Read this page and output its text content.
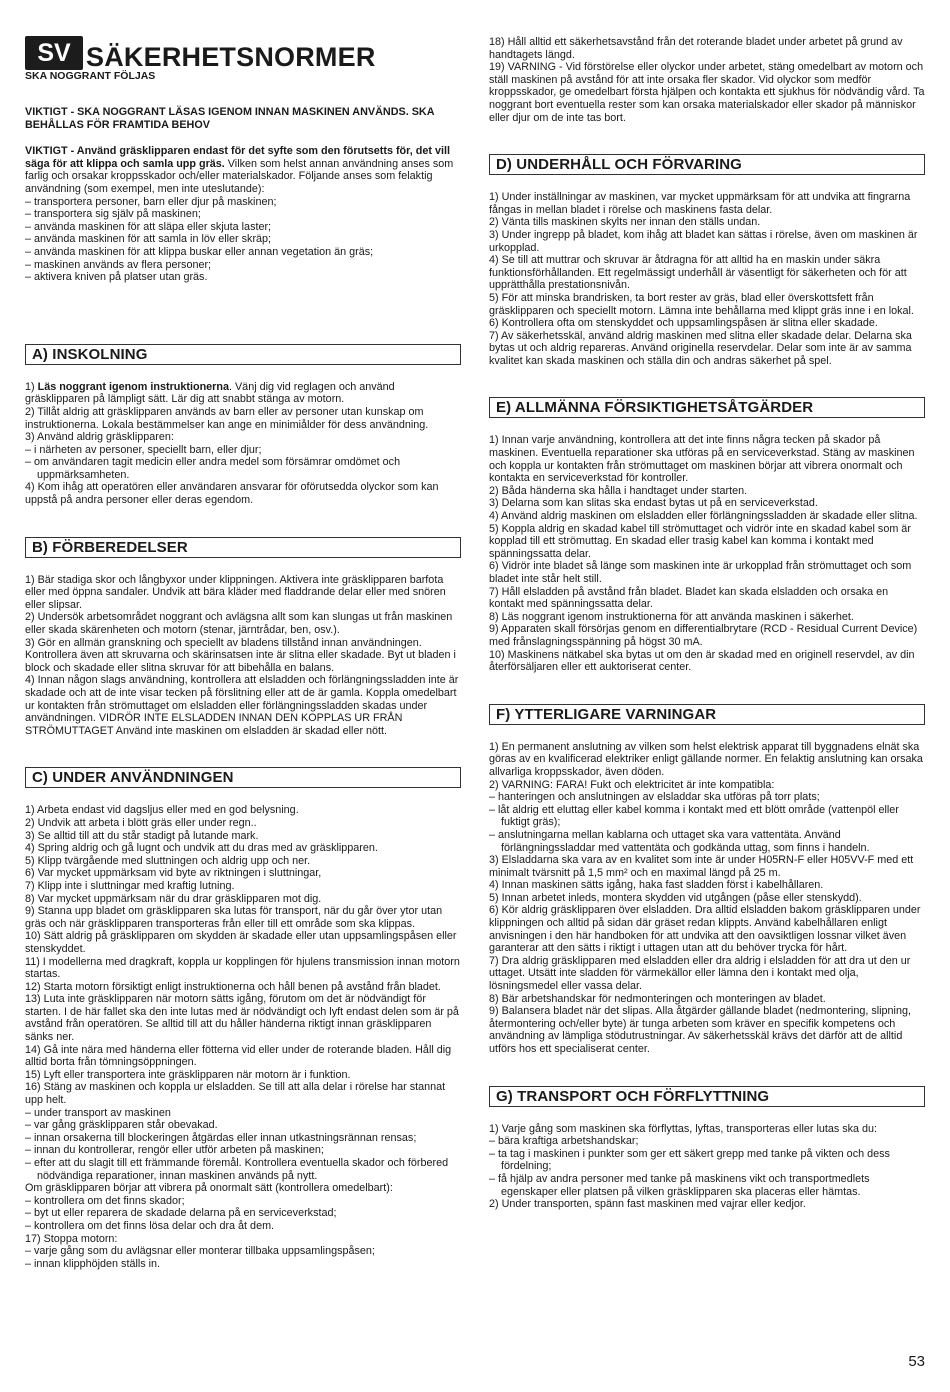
SV SÄKERHETSNORMER
SKA NOGGRANT FÖLJAS

VIKTIGT - SKA NOGGRANT LÄSAS IGENOM INNAN MASKINEN ANVÄNDS. SKA BEHÅLLAS FÖR FRAMTIDA BEHOV

VIKTIGT - Använd gräsklipparen endast för det syfte som den förutsetts för, det vill säga för att klippa och samla upp gräs. Vilken som helst annan användning anses som farlig och orsakar kroppsskador och/eller materialskador. Följande anses som felaktig användning (som exempel, men inte uteslutande):

– transportera personer, barn eller djur på maskinen;

– transportera sig själv på maskinen;

– använda maskinen för att släpa eller skjuta laster;

– använda maskinen för att samla in löv eller skräp;

– använda maskinen för att klippa buskar eller annan vegetation än gräs;

– maskinen används av flera personer;

– aktivera kniven på platser utan gräs.

A) INSKOLNING

1) Läs noggrant igenom instruktionerna. Vänj dig vid reglagen och använd gräsklipparen på lämpligt sätt. Lär dig att snabbt stänga av motorn.

2) Tillåt aldrig att gräsklipparen används av barn eller av personer utan kunskap om instruktionerna. Lokala bestämmelser kan ange en minimiålder för dess användning.

3) Använd aldrig gräsklipparen:

– i närheten av personer, speciellt barn, eller djur;

– om användaren tagit medicin eller andra medel som försämrar omdömet och uppmärksamheten.

4) Kom ihåg att operatören eller användaren ansvarar för oförutsedda olyckor som kan uppstå på andra personer eller deras egendom.

B) FÖRBEREDELSER

1) Bär stadiga skor och långbyxor under klippningen. Aktivera inte gräsklipparen barfota eller med öppna sandaler. Undvik att bära kläder med fladdrande delar eller med snören eller slipsar.

2) Undersök arbetsområdet noggrant och avlägsna allt som kan slungas ut från maskinen eller skada skärenheten och motorn (stenar, järntrådar, ben, osv.).

3) Gör en allmän granskning och speciellt av bladens tillstånd innan användningen. Kontrollera även att skruvarna och skärinsatsen inte är slitna eller skadade. Byt ut bladen i block och skadade eller slitna skruvar för att bibehålla en balans.

4) Innan någon slags användning, kontrollera att elsladden och förlängningssladden inte är skadade och att de inte visar tecken på förslitning eller att de är gamla. Koppla omedelbart ur kontakten från strömuttaget om elsladden eller förlängningssladden skadas under användningen. VIDRÖR INTE ELSLADDEN INNAN DEN KOPPLAS UR FRÅN STRÖMUTTAGET Använd inte maskinen om elsladden är skadad eller nött.

C) UNDER ANVÄNDNINGEN

1) Arbeta endast vid dagsljus eller med en god belysning.

2) Undvik att arbeta i blött gräs eller under regn..

3) Se alltid till att du står stadigt på lutande mark.

4) Spring aldrig och gå lugnt och undvik att du dras med av gräsklipparen.

5) Klipp tvärgående med sluttningen och aldrig upp och ner.

6) Var mycket uppmärksam vid byte av riktningen i sluttningar,

7) Klipp inte i sluttningar med kraftig lutning.

8) Var mycket uppmärksam när du drar gräsklipparen mot dig.

9) Stanna upp bladet om gräsklipparen ska lutas för transport, när du går över ytor utan gräs och när gräsklipparen transporteras från eller till ett område som ska klippas.

10) Sätt aldrig på gräsklipparen om skydden är skadade eller utan uppsamlingspåsen eller stenskyddet.

11) I modellerna med dragkraft, koppla ur kopplingen för hjulens transmission innan motorn startas.

12) Starta motorn försiktigt enligt instruktionerna och håll benen på avstånd från bladet.

13) Luta inte gräsklipparen när motorn sätts igång, förutom om det är nödvändigt för starten. I de här fallet ska den inte lutas med är nödvändigt och lyft endast delen som är på avstånd från operatören. Se alltid till att du håller händerna riktigt innan gräsklipparen sänks ner.

14) Gå inte nära med händerna eller fötterna vid eller under de roterande bladen. Håll dig alltid borta från tömningsöppningen.

15) Lyft eller transportera inte gräsklipparen när motorn är i funktion.

16) Stäng av maskinen och koppla ur elsladden. Se till att alla delar i rörelse har stannat upp helt.

– under transport av maskinen

– var gång gräsklipparen står obevakad.

– innan orsakerna till blockeringen åtgärdas eller innan utkastningsrännan rensas;

– innan du kontrollerar, rengör eller utför arbeten på maskinen;

– efter att du slagit till ett främmande föremål. Kontrollera eventuella skador och förbered nödvändiga reparationer, innan maskinen används på nytt.

Om gräsklipparen börjar att vibrera på onormalt sätt (kontrollera omedelbart):

– kontrollera om det finns skador;

– byt ut eller reparera de skadade delarna på en serviceverkstad;

– kontrollera om det finns lösa delar och dra åt dem.

17) Stoppa motorn:

– varje gång som du avlägsnar eller monterar tillbaka uppsamlingspåsen;

– innan klipphöjden ställs in.

18) Håll alltid ett säkerhetsavstånd från det roterande bladet under arbetet på grund av handtagets längd.

19) VARNING - Vid förstörelse eller olyckor under arbetet, stäng omedelbart av motorn och ställ maskinen på avstånd för att inte orsaka fler skador. Vid olyckor som medför kroppsskador, ge omedelbart första hjälpen och kontakta ett sjukhus för nödvändig vård. Ta noggrant bort eventuella rester som kan orsaka materialskador eller skador på människor eller djur om de inte tas bort.

D) UNDERHÅLL OCH FÖRVARING

1) Under inställningar av maskinen, var mycket uppmärksam för att undvika att fingrarna fångas in mellan bladet i rörelse och maskinens fasta delar.

2) Vänta tills maskinen skylts ner innan den ställs undan.

3) Under ingrepp på bladet, kom ihåg att bladet kan sättas i rörelse, även om maskinen är urkopplad.

4) Se till att muttrar och skruvar är åtdragna för att alltid ha en maskin under säkra funktionsförhållanden. Ett regelmässigt underhåll är väsentligt för säkerheten och för att upprätthålla prestationsnivån.

5) För att minska brandrisken, ta bort rester av gräs, blad eller överskottsfett från gräsklipparen och speciellt motorn. Lämna inte behållarna med klippt gräs inne i en lokal.

6) Kontrollera ofta om stenskyddet och uppsamlingspåsen är slitna eller skadade.

7) Av säkerhetsskäl, använd aldrig maskinen med slitna eller skadade delar. Delarna ska bytas ut och aldrig repareras. Använd originella reservdelar. Delar som inte är av samma kvalitet kan skada maskinen och ställa din och andras säkerhet på spel.

E) ALLMÄNNA FÖRSIKTIGHETSÅTGÄRDER

1) Innan varje användning, kontrollera att det inte finns några tecken på skador på maskinen. Eventuella reparationer ska utföras på en serviceverkstad. Stäng av maskinen och koppla ur kontakten från strömuttaget om maskinen börjar att vibrera onormalt och kontakta en serviceverkstad för kontroller.

2) Båda händerna ska hålla i handtaget under starten.

3) Delarna som kan slitas ska endast bytas ut på en serviceverkstad.

4) Använd aldrig maskinen om elsladden eller förlängningssladden är skadade eller slitna.

5) Koppla aldrig en skadad kabel till strömuttaget och vidrör inte en skadad kabel som är kopplad till ett strömuttag. En skadad eller trasig kabel kan komma i kontakt med spänningssatta delar.

6) Vidrör inte bladet så länge som maskinen inte är urkopplad från strömuttaget och som bladet inte står helt still.

7) Håll elsladden på avstånd från bladet. Bladet kan skada elsladden och orsaka en kontakt med spänningssatta delar.

8) Läs noggrant igenom instruktionerna för att använda maskinen i säkerhet.

9) Apparaten skall försörjas genom en differentialbrytare (RCD - Residual Current Device) med frånslagningsspänning på högst 30 mA.

10) Maskinens nätkabel ska bytas ut om den är skadad med en originell reservdel, av din återförsäljaren eller ett auktoriserat center.

F) YTTERLIGARE VARNINGAR

1) En permanent anslutning av vilken som helst elektrisk apparat till byggnadens elnät ska göras av en kvalificerad elektriker enligt gällande normer. En felaktig anslutning kan orsaka allvarliga kroppsskador, även döden.

2) VARNING: FARA! Fukt och elektricitet är inte kompatibla:

– hanteringen och anslutningen av elsladdar ska utföras på torr plats;

– låt aldrig ett eluttag eller kabel komma i kontakt med ett blött område (vattenpöl eller fuktigt gräs);

– anslutningarna mellan kablarna och uttaget ska vara vattentäta. Använd förlängningssladdar med vattentäta och godkända uttag, som finns i handeln.

3) Elsladdarna ska vara av en kvalitet som inte är under H05RN-F eller H05VV-F med ett minimalt tvärsnitt på 1,5 mm² och en maximal längd på 25 m.

4) Innan maskinen sätts igång, haka fast sladden först i kabelhållaren.

5) Innan arbetet inleds, montera skydden vid utgången (påse eller stenskydd).

6) Kör aldrig gräsklipparen över elsladden. Dra alltid elsladden bakom gräsklipparen under klippningen och alltid på sidan där gräset redan klippts. Använd kabelhållaren enligt anvisningen i den här handboken för att undvika att den oavsiktligen lossnar vilket även garanterar att den sätts i riktigt i uttagen utan att du behöver trycka för hårt.

7) Dra aldrig gräsklipparen med elsladden eller dra aldrig i elsladden för att dra ut den ur uttaget. Utsätt inte sladden för värmekällor eller lämna den i kontakt med olja, lösningsmedel eller vassa delar.

8) Bär arbetshandskar för nedmonteringen och monteringen av bladet.

9) Balansera bladet när det slipas. Alla åtgärder gällande bladet (nedmontering, slipning, återmontering och/eller byte) är tunga arbeten som kräver en specifik kompetens och användning av lämpliga stödutrustningar. Av säkerhetsskäl krävs det därför att de alltid utförs hos ett specialiserat center.

G) TRANSPORT OCH FÖRFLYTTNING

1) Varje gång som maskinen ska förflyttas, lyftas, transporteras eller lutas ska du:

– bära kraftiga arbetshandskar;

– ta tag i maskinen i punkter som ger ett säkert grepp med tanke på vikten och dess fördelning;

– få hjälp av andra personer med tanke på maskinens vikt och transportmedlets egenskaper eller platsen på vilken gräsklipparen ska placeras eller hämtas.

2) Under transporten, spänn fast maskinen med vajrar eller kedjor.

53
